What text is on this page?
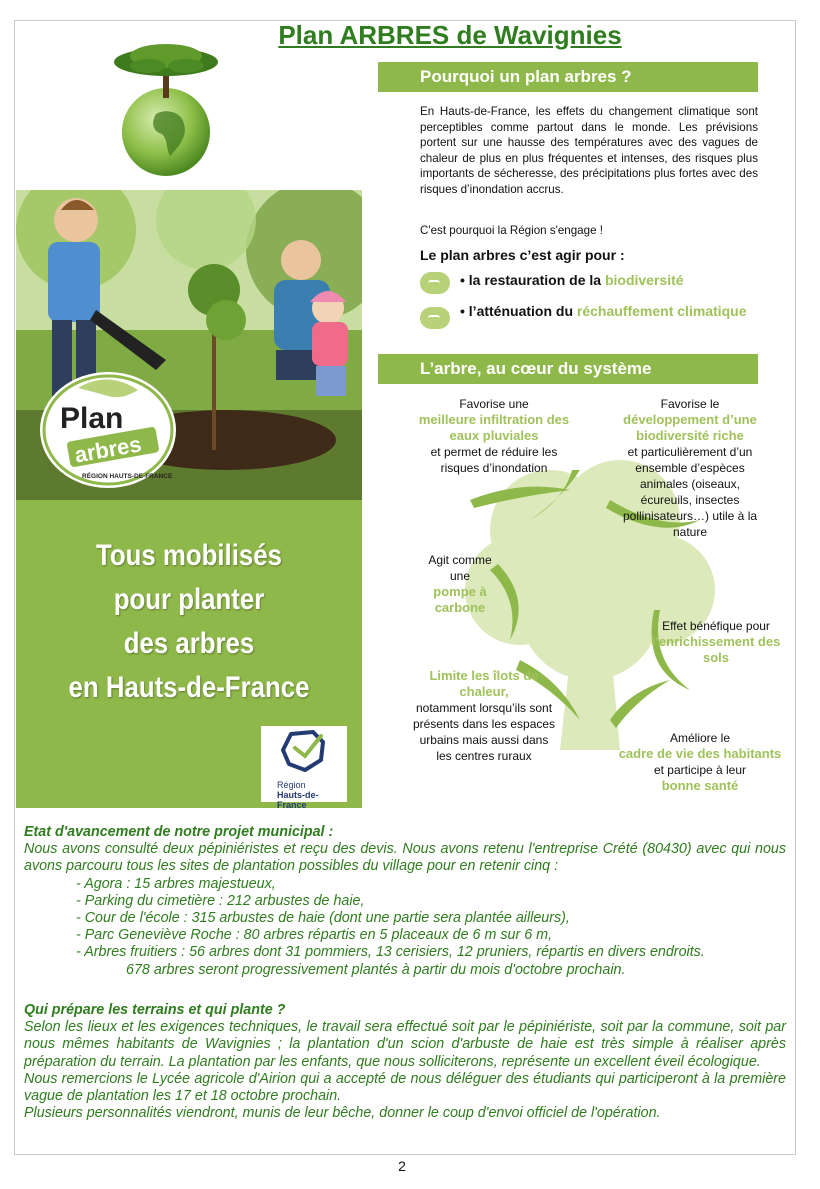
Plan ARBRES de Wavignies
Plan
arbres
RÉGION HAUTS-DE-FRANCE
Tous mobilisés
pour planter
des arbres
en Hauts-de-France
Région
Hauts-de-France
Pourquoi un plan arbres ?
En Hauts-de-France, les effets du changement climatique sont perceptibles comme partout dans le monde. Les prévisions portent sur une hausse des températures avec des vagues de chaleur de plus en plus fréquentes et intenses, des risques plus importants de sécheresse, des précipitations plus fortes avec des risques d’inondation accrus.
C'est pourquoi la Région s'engage !
Le plan arbres c’est agir pour :
• la restauration de la biodiversité
• l’atténuation du réchauffement climatique
L’arbre, au cœur du système
Favorise une
meilleure infiltration des eaux pluviales
et permet de réduire les risques d’inondation
Favorise le
développement d’une biodiversité riche
et particulièrement d’un ensemble d’espèces animales (oiseaux, écureuils, insectes pollinisateurs…) utile à la nature
Agit comme une
pompe à carbone
Effet bénéfique pour
l’enrichissement des sols
Limite les îlots de chaleur,
notamment lorsqu’ils sont présents dans les espaces urbains mais aussi dans les centres ruraux
Améliore le
cadre de vie des habitants
et participe à leur
bonne santé
Etat d'avancement de notre projet municipal :
Nous avons consulté deux pépiniéristes et reçu des devis. Nous avons retenu l'entreprise Crété (80430) avec qui nous avons parcouru tous les sites de plantation possibles du village pour en retenir cinq :
- Agora : 15 arbres majestueux,
- Parking du cimetière : 212 arbustes de haie,
- Cour de l'école : 315 arbustes de haie (dont une partie sera plantée ailleurs),
- Parc Geneviève Roche : 80 arbres répartis en 5 placeaux de 6 m sur 6 m,
- Arbres fruitiers : 56 arbres dont 31 pommiers, 13 cerisiers, 12 pruniers, répartis en divers endroits.
678 arbres seront progressivement plantés à partir du mois d'octobre prochain.
Qui prépare les terrains et qui plante ?
Selon les lieux et les exigences techniques, le travail sera effectué soit par le pépiniériste, soit par la commune, soit par nous mêmes habitants de Wavignies ; la plantation d'un scion d'arbuste de haie est très simple à réaliser après préparation du terrain. La plantation par les enfants, que nous solliciterons, représente un excellent éveil écologique.
Nous remercions le Lycée agricole d'Airion qui a accepté de nous déléguer des étudiants qui participeront à la première vague de plantation les 17 et 18 octobre prochain.
Plusieurs personnalités viendront, munis de leur bêche, donner le coup d'envoi officiel de l'opération.
2
